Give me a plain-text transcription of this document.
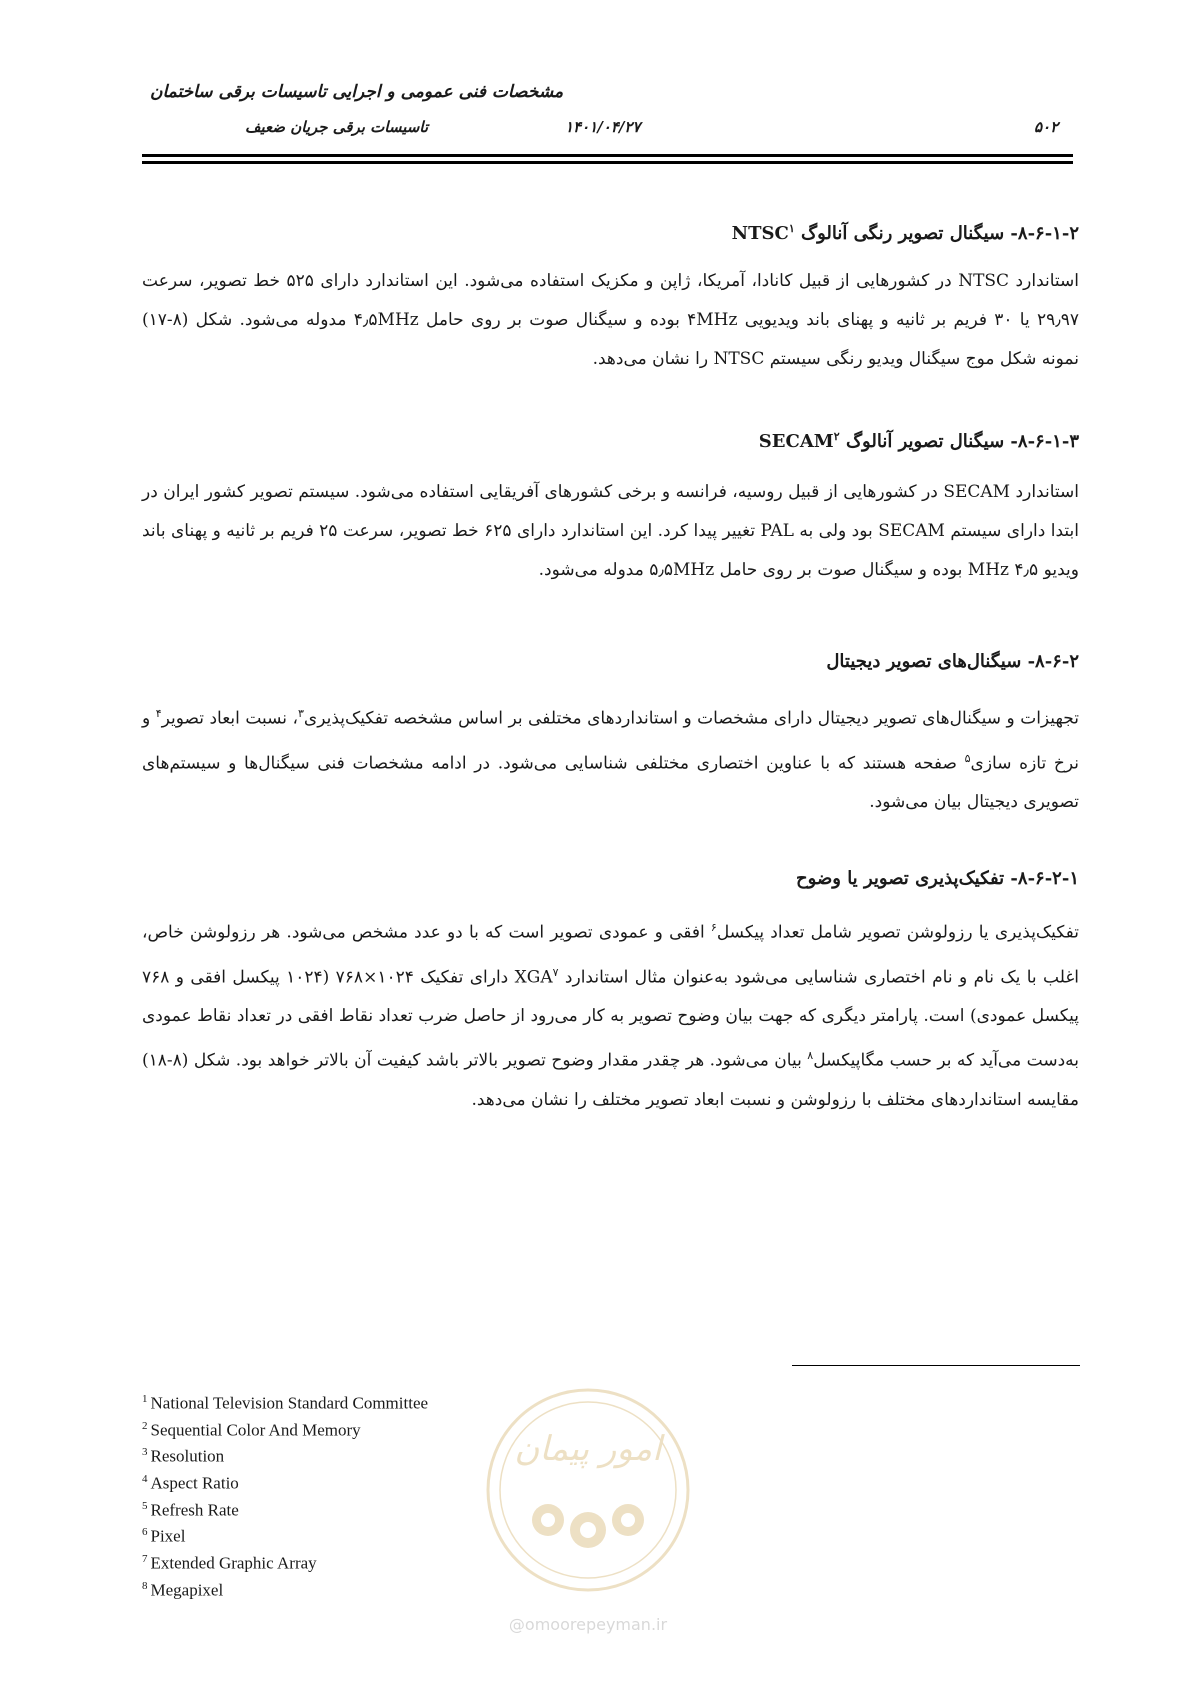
مشخصات فنی عمومی و اجرایی تاسیسات برقی ساختمان
تاسیسات برقی جریان ضعیف	۱۴۰۱/۰۴/۲۷	۵۰۲
۸-۶-۱-۲- سیگنال تصویر رنگی آنالوگ NTSC$^۱$
استاندارد NTSC در کشورهایی از قبیل کانادا، آمریکا، ژاپن و مکزیک استفاده می‌شود. این استاندارد دارای ۵۲۵ خط تصویر، سرعت ۲۹٫۹۷ یا ۳۰ فریم بر ثانیه و پهنای باند ویدیویی ۴MHz بوده و سیگنال صوت بر روی حامل ۴٫۵MHz مدوله می‌شود. شکل (۸-۱۷) نمونه شکل موج سیگنال ویدیو رنگی سیستم NTSC را نشان می‌دهد.
۸-۶-۱-۳- سیگنال تصویر آنالوگ SECAM$^۲$
استاندارد SECAM در کشورهایی از قبیل روسیه، فرانسه و برخی کشورهای آفریقایی استفاده می‌شود. سیستم تصویر کشور ایران در ابتدا دارای سیستم SECAM بود ولی به PAL تغییر پیدا کرد. این استاندارد دارای ۶۲۵ خط تصویر، سرعت ۲۵ فریم بر ثانیه و پهنای باند ویدیو ۴٫۵ MHz بوده و سیگنال صوت بر روی حامل ۵٫۵MHz مدوله می‌شود.
۸-۶-۲- سیگنال‌های تصویر دیجیتال
تجهیزات و سیگنال‌های تصویر دیجیتال دارای مشخصات و استانداردهای مختلفی بر اساس مشخصه تفکیک‌پذیری$^۳$، نسبت ابعاد تصویر$^۴$ و نرخ تازه سازی$^۵$ صفحه هستند که با عناوین اختصاری مختلفی شناسایی می‌شود. در ادامه مشخصات فنی سیگنال‌ها و سیستم‌های تصویری دیجیتال بیان می‌شود.
۸-۶-۲-۱- تفکیک‌پذیری تصویر یا وضوح
تفکیک‌پذیری یا رزولوشن تصویر شامل تعداد پیکسل$^۶$ افقی و عمودی تصویر است که با دو عدد مشخص می‌شود. هر رزولوشن خاص، اغلب با یک نام و نام اختصاری شناسایی می‌شود به‌عنوان مثال استاندارد XGA$^۷$ دارای تفکیک ۱۰۲۴×۷۶۸ (۱۰۲۴ پیکسل افقی و ۷۶۸ پیکسل عمودی) است. پارامتر دیگری که جهت بیان وضوح تصویر به کار می‌رود از حاصل ضرب تعداد نقاط افقی در تعداد نقاط عمودی به‌دست می‌آید که بر حسب مگاپیکسل$^۸$ بیان می‌شود. هر چقدر مقدار وضوح تصویر بالاتر باشد کیفیت آن بالاتر خواهد بود. شکل (۸-۱۸) مقایسه استانداردهای مختلف با رزولوشن و نسبت ابعاد تصویر مختلف را نشان می‌دهد.
امور پیمان
@omoorepeyman.ir
$^1$ National Television Standard Committee
$^2$ Sequential Color And Memory
$^3$ Resolution
$^4$ Aspect Ratio
$^5$ Refresh Rate
$^6$ Pixel
$^7$ Extended Graphic Array
$^8$ Megapixel
